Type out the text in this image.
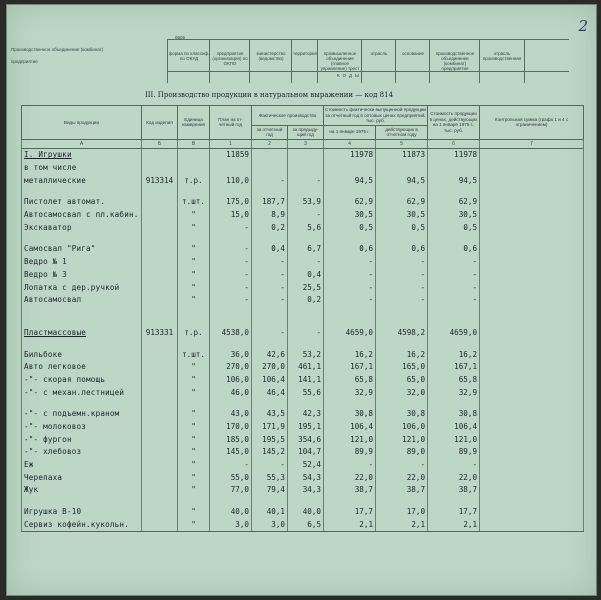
2
Производственное объединение (комбинат)
предприятие
0605
форма по классиф. по ОКУД
предприятия (организация) по ОКПО
министерство (ведомство)
территория	промышленное объединение (главное управление) трест
отрасль	основание	производственное объединение (комбинат) предприятие
отрасль производственная
КОДЫ
III. Производство продукции в натуральном выражении — код 814
Виды продукции	Код изделия	Единица измерения	План на от-четный год	Фактическое производство		Стоимость фактически выпущенной продукции за отчетный год в оптовых ценах предприятий, тыс. руб.		Стоимость продукции в ценах, действующих на 1 января 1975 г., тыс. руб.	Контрольная сумма (графа 1 и 4 с ограничением)
				за отчетный год	за предыду-щий год	на 1 января 1975 г.	действующих в отчетном году		
А	Б	В	1	2	3	4	5	6	7
I. Игрушки			11859			11978	11873	11978	
в том числе									
металлические	913314	т.р.	110,0	-	-	94,5	94,5	94,5	

Пистолет автомат.		т.шт.	175,0	187,7	53,9	62,9	62,9	62,9	
Автосамосвал с пл.кабин.		"	15,0	8,9	-	30,5	30,5	30,5	
Экскаватор		"	-	0,2	5,6	0,5	0,5	0,5	

Самосвал "Рига"		"	-	0,4	6,7	0,6	0,6	0,6	
Ведро № 1		"	-	-	-	-	-	-	
Ведро № 3		"	-	-	0,4	-	-	-	
Лопатка с дер.ручкой		"	-	-	25,5	-	-	-	
Автосамосвал		"	-	-	0,2	-	-	-	

Пластмассовые	913331	т.р.	4538,0	-	-	4659,0	4598,2	4659,0	

Бильбоке		т.шт.	36,0	42,6	53,2	16,2	16,2	16,2	
Авто легковое		"	270,0	270,0	461,1	167,1	165,0	167,1	
-"- скорая помощь		"	106,0	106,4	141,1	65,8	65,0	65,8	
-"- с механ.лестницей		"	46,0	46,4	55,6	32,9	32,0	32,9	

-"- с подъемн.краном		"	43,0	43,5	42,3	30,8	30,8	30,8	
-"- молоковоз		"	170,0	171,9	195,1	106,4	106,0	106,4	
-"- фургон		"	185,0	195,5	354,6	121,0	121,0	121,0	
-"- хлебовоз		"	145,0	145,2	104,7	89,9	89,0	89,9	
Еж		"	-	-	52,4	-	-	-	
Черепаха		"	55,0	55,3	54,3	22,0	22,0	22,0	
Жук		"	77,0	79,4	34,3	38,7	38,7	38,7	

Игрушка В-10		"	40,0	40,1	40,0	17,7	17,0	17,7	
Сервиз кофейн.кукольн.		"	3,0	3,0	6,5	2,1	2,1	2,1	
